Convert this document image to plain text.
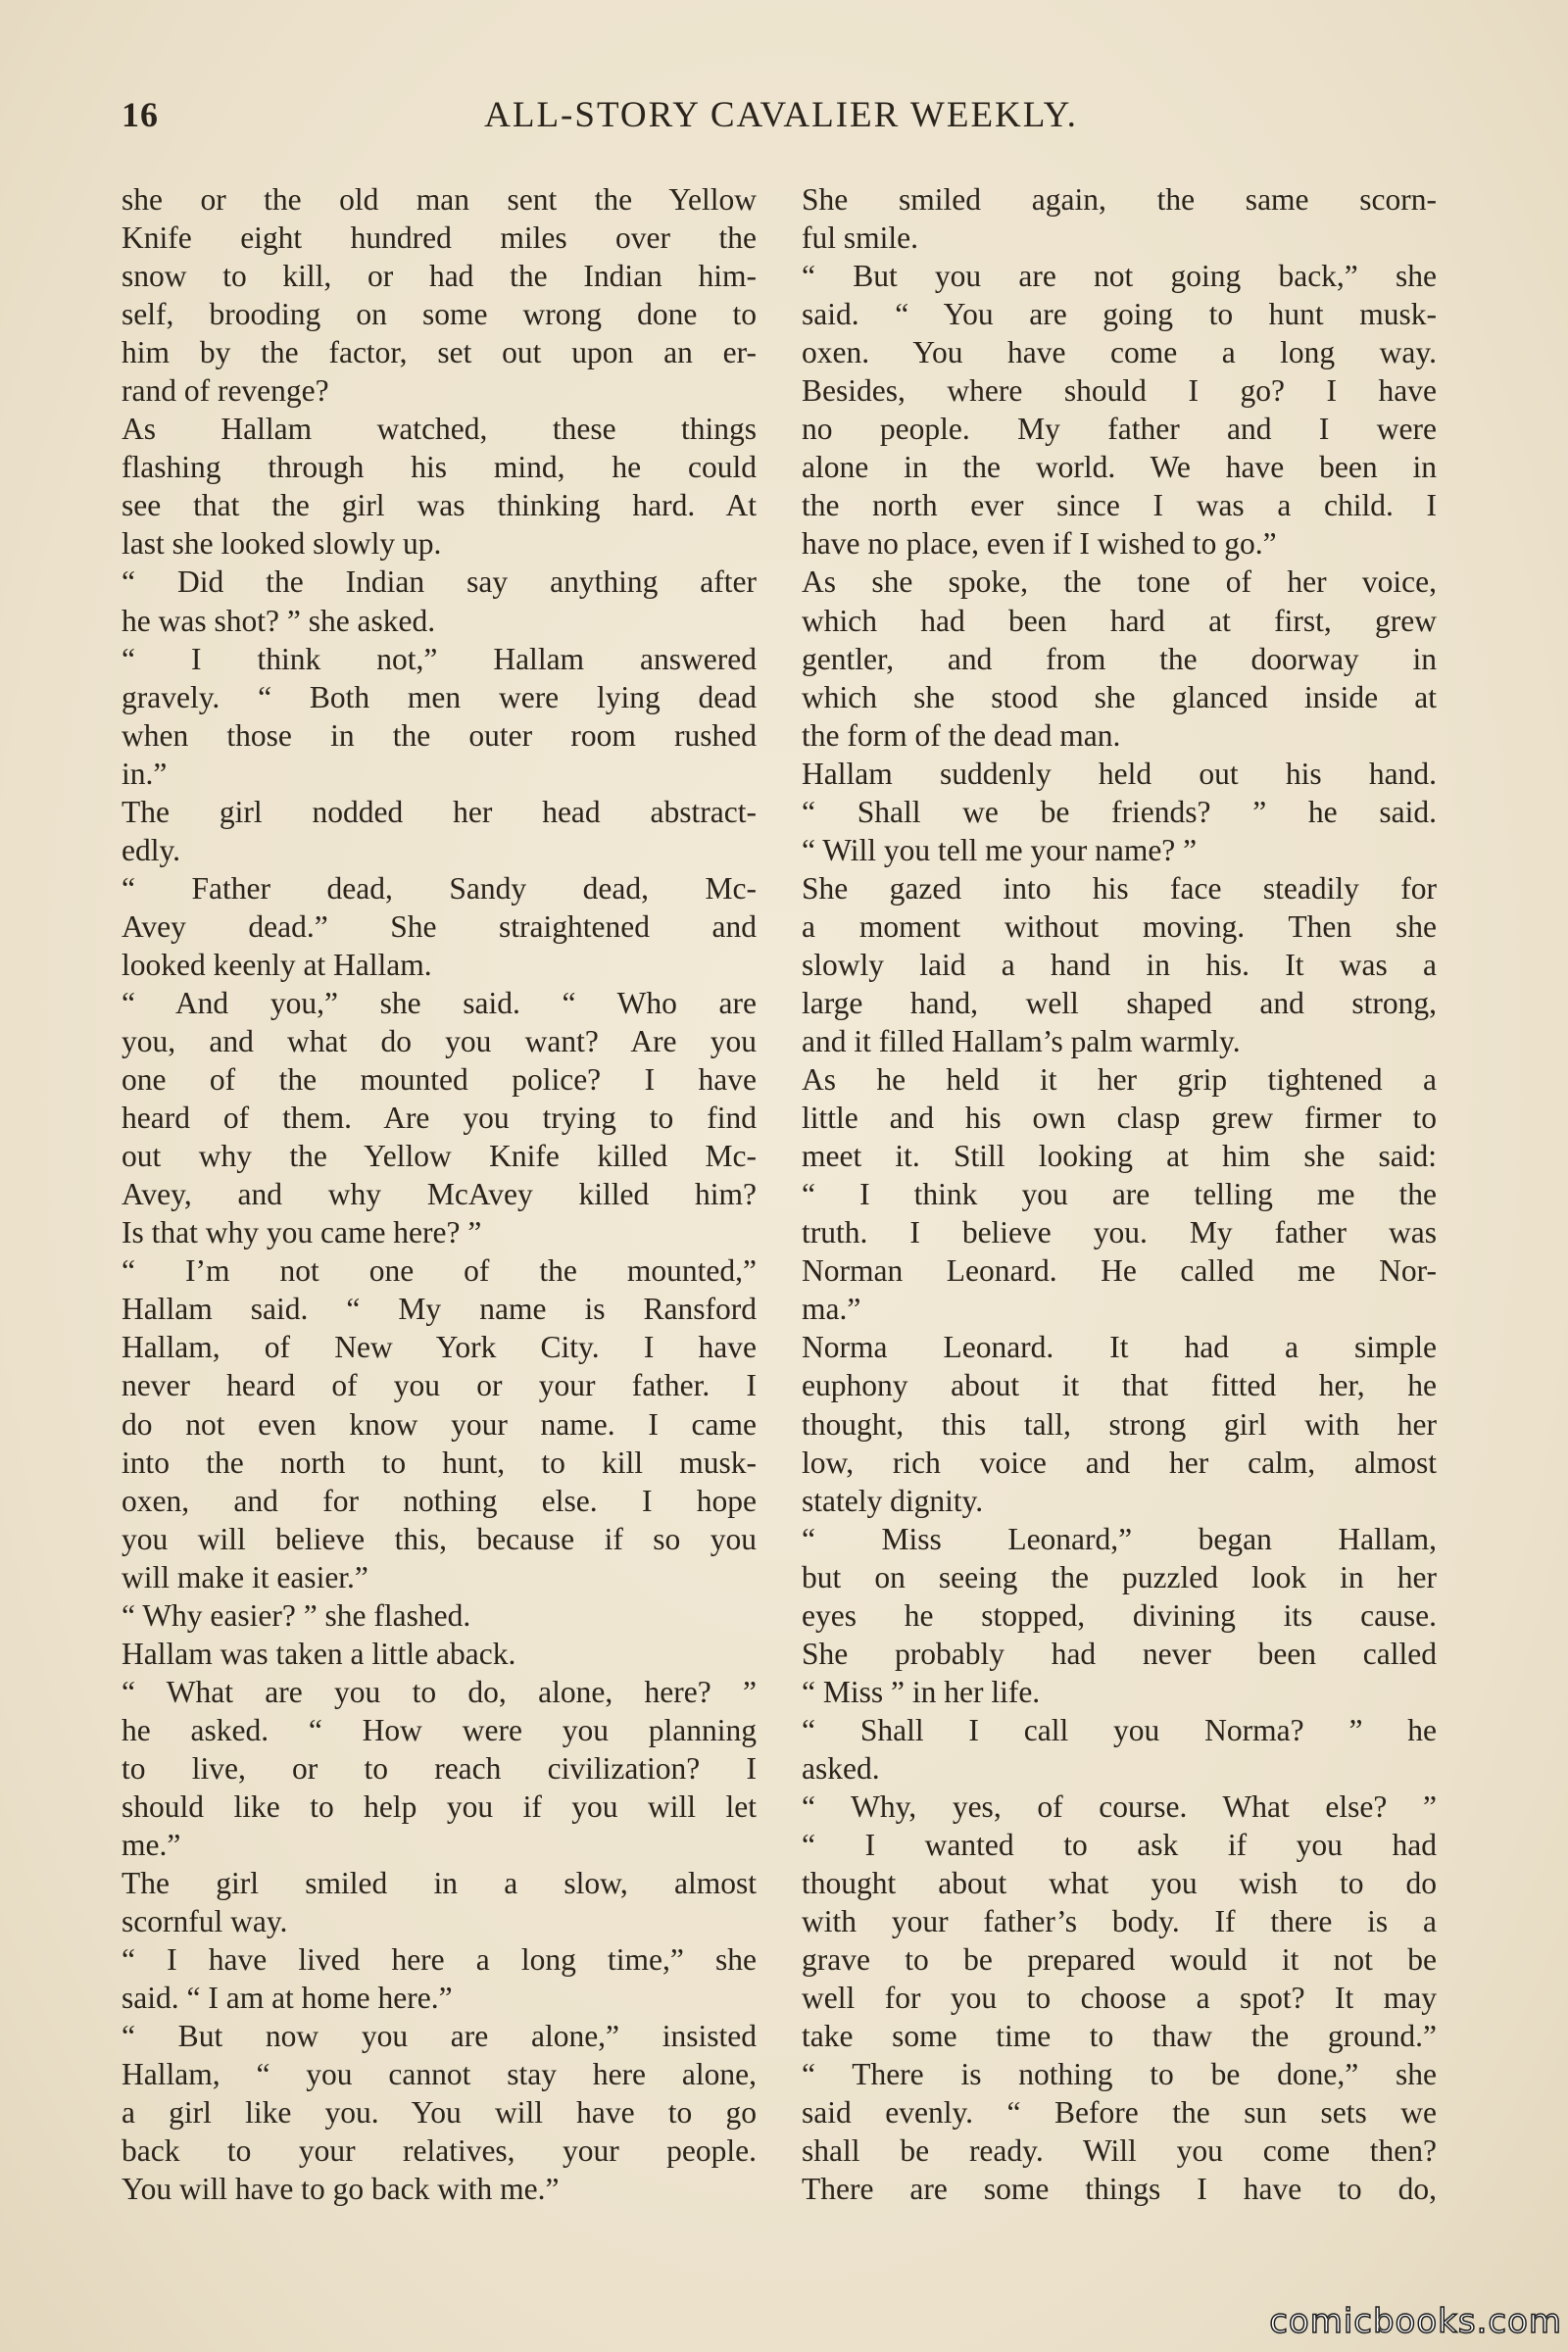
16	ALL-STORY CAVALIER WEEKLY.
she or the old man sent the Yellow
Knife eight hundred miles over the
snow to kill, or had the Indian him-
self, brooding on some wrong done to
him by the factor, set out upon an er-
rand of revenge?
As Hallam watched, these things
flashing through his mind, he could
see that the girl was thinking hard. At
last she looked slowly up.
“ Did the Indian say anything after
he was shot? ” she asked.
“ I think not,” Hallam answered
gravely. “ Both men were lying dead
when those in the outer room rushed
in.”
The girl nodded her head abstract-
edly.
“ Father dead, Sandy dead, Mc-
Avey dead.” She straightened and
looked keenly at Hallam.
“ And you,” she said. “ Who are
you, and what do you want? Are you
one of the mounted police? I have
heard of them. Are you trying to find
out why the Yellow Knife killed Mc-
Avey, and why McAvey killed him?
Is that why you came here? ”
“ I’m not one of the mounted,”
Hallam said. “ My name is Ransford
Hallam, of New York City. I have
never heard of you or your father. I
do not even know your name. I came
into the north to hunt, to kill musk-
oxen, and for nothing else. I hope
you will believe this, because if so you
will make it easier.”
“ Why easier? ” she flashed.
Hallam was taken a little aback.
“ What are you to do, alone, here? ”
he asked. “ How were you planning
to live, or to reach civilization? I
should like to help you if you will let
me.”
The girl smiled in a slow, almost
scornful way.
“ I have lived here a long time,” she
said. “ I am at home here.”
“ But now you are alone,” insisted
Hallam, “ you cannot stay here alone,
a girl like you. You will have to go
back to your relatives, your people.
You will have to go back with me.”
She smiled again, the same scorn-
ful smile.
“ But you are not going back,” she
said. “ You are going to hunt musk-
oxen. You have come a long way.
Besides, where should I go? I have
no people. My father and I were
alone in the world. We have been in
the north ever since I was a child. I
have no place, even if I wished to go.”
As she spoke, the tone of her voice,
which had been hard at first, grew
gentler, and from the doorway in
which she stood she glanced inside at
the form of the dead man.
Hallam suddenly held out his hand.
“ Shall we be friends? ” he said.
“ Will you tell me your name? ”
She gazed into his face steadily for
a moment without moving. Then she
slowly laid a hand in his. It was a
large hand, well shaped and strong,
and it filled Hallam’s palm warmly.
As he held it her grip tightened a
little and his own clasp grew firmer to
meet it. Still looking at him she said:
“ I think you are telling me the
truth. I believe you. My father was
Norman Leonard. He called me Nor-
ma.”
Norma Leonard. It had a simple
euphony about it that fitted her, he
thought, this tall, strong girl with her
low, rich voice and her calm, almost
stately dignity.
“ Miss Leonard,” began Hallam,
but on seeing the puzzled look in her
eyes he stopped, divining its cause.
She probably had never been called
“ Miss ” in her life.
“ Shall I call you Norma? ” he
asked.
“ Why, yes, of course. What else? ”
“ I wanted to ask if you had
thought about what you wish to do
with your father’s body. If there is a
grave to be prepared would it not be
well for you to choose a spot? It may
take some time to thaw the ground.”
“ There is nothing to be done,” she
said evenly. “ Before the sun sets we
shall be ready. Will you come then?
There are some things I have to do,
comicbooks.com
